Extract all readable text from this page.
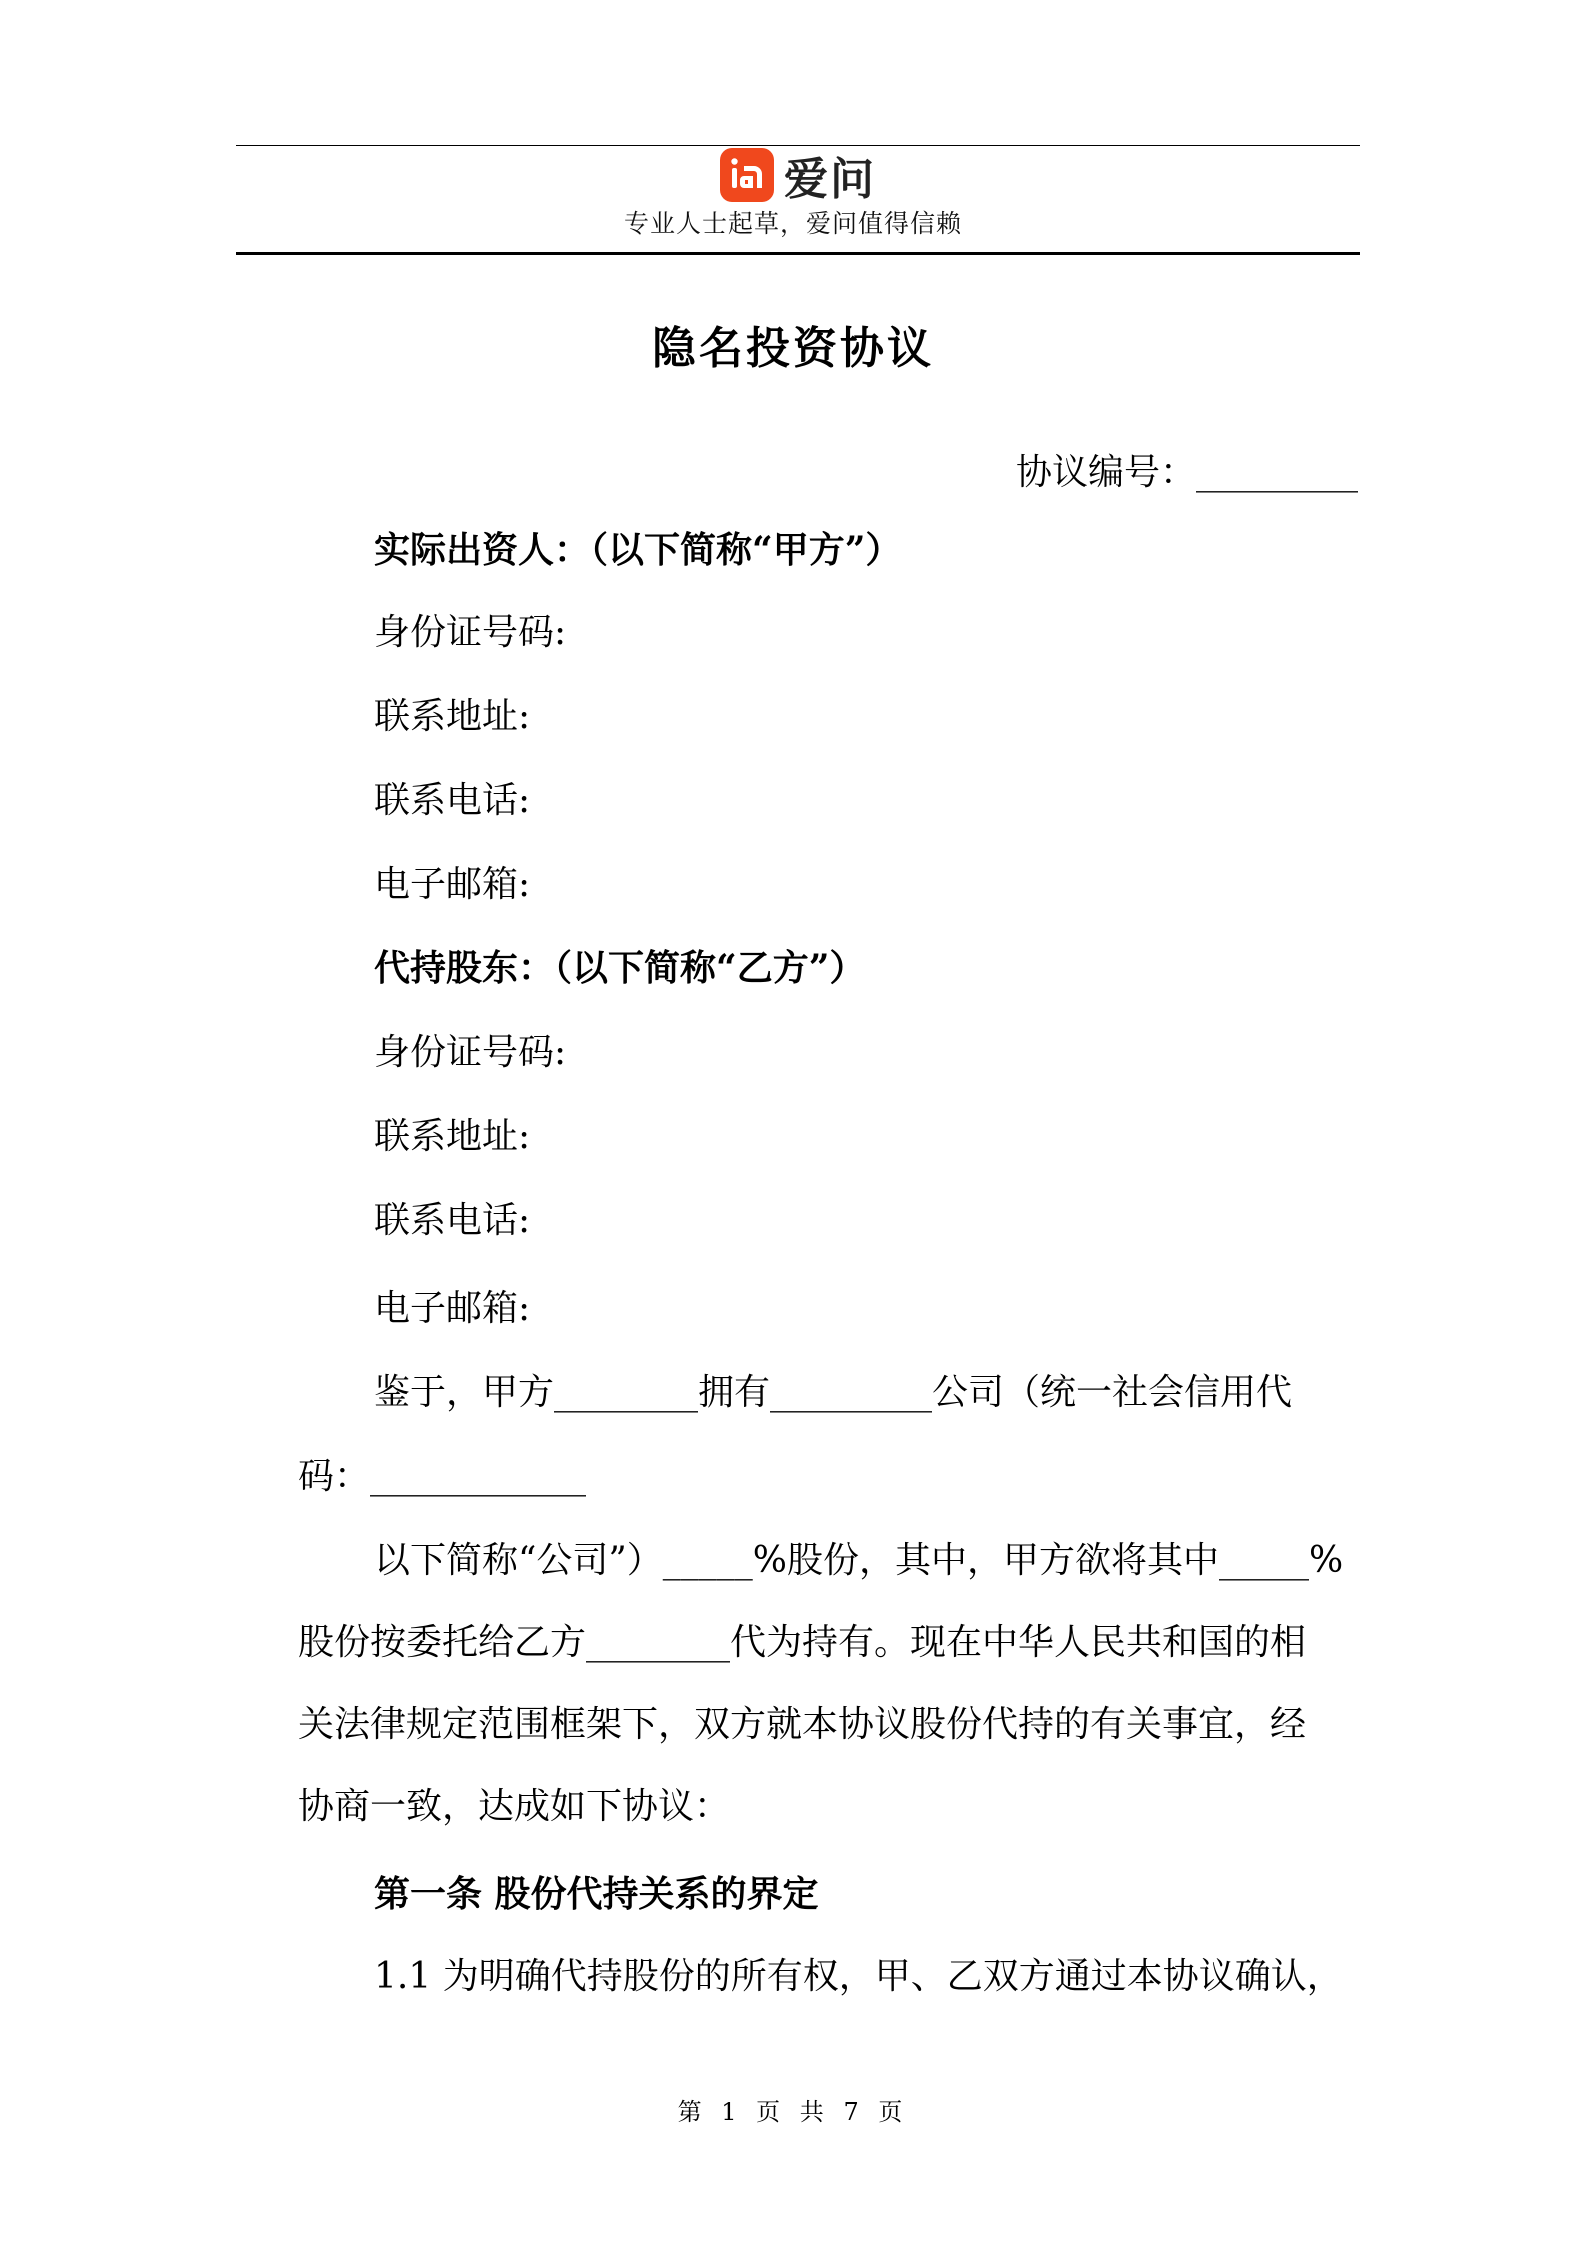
爱问
专业人士起草，爱问值得信赖
隐名投资协议
协议编号：_________
实际出资人：（以下简称“甲方”）
身份证号码:
联系地址:
联系电话:
电子邮箱:
代持股东：（以下简称“乙方”）
身份证号码:
联系地址:
联系电话:
电子邮箱:
鉴于，甲方________拥有_________公司（统一社会信用代
码：____________
以下简称“公司”）_____%股份，其中，甲方欲将其中_____%
股份按委托给乙方________代为持有。现在中华人民共和国的相
关法律规定范围框架下，双方就本协议股份代持的有关事宜，经
协商一致，达成如下协议：
第一条 股份代持关系的界定
1.1 为明确代持股份的所有权，甲、乙双方通过本协议确认，
第 1 页 共 7 页
